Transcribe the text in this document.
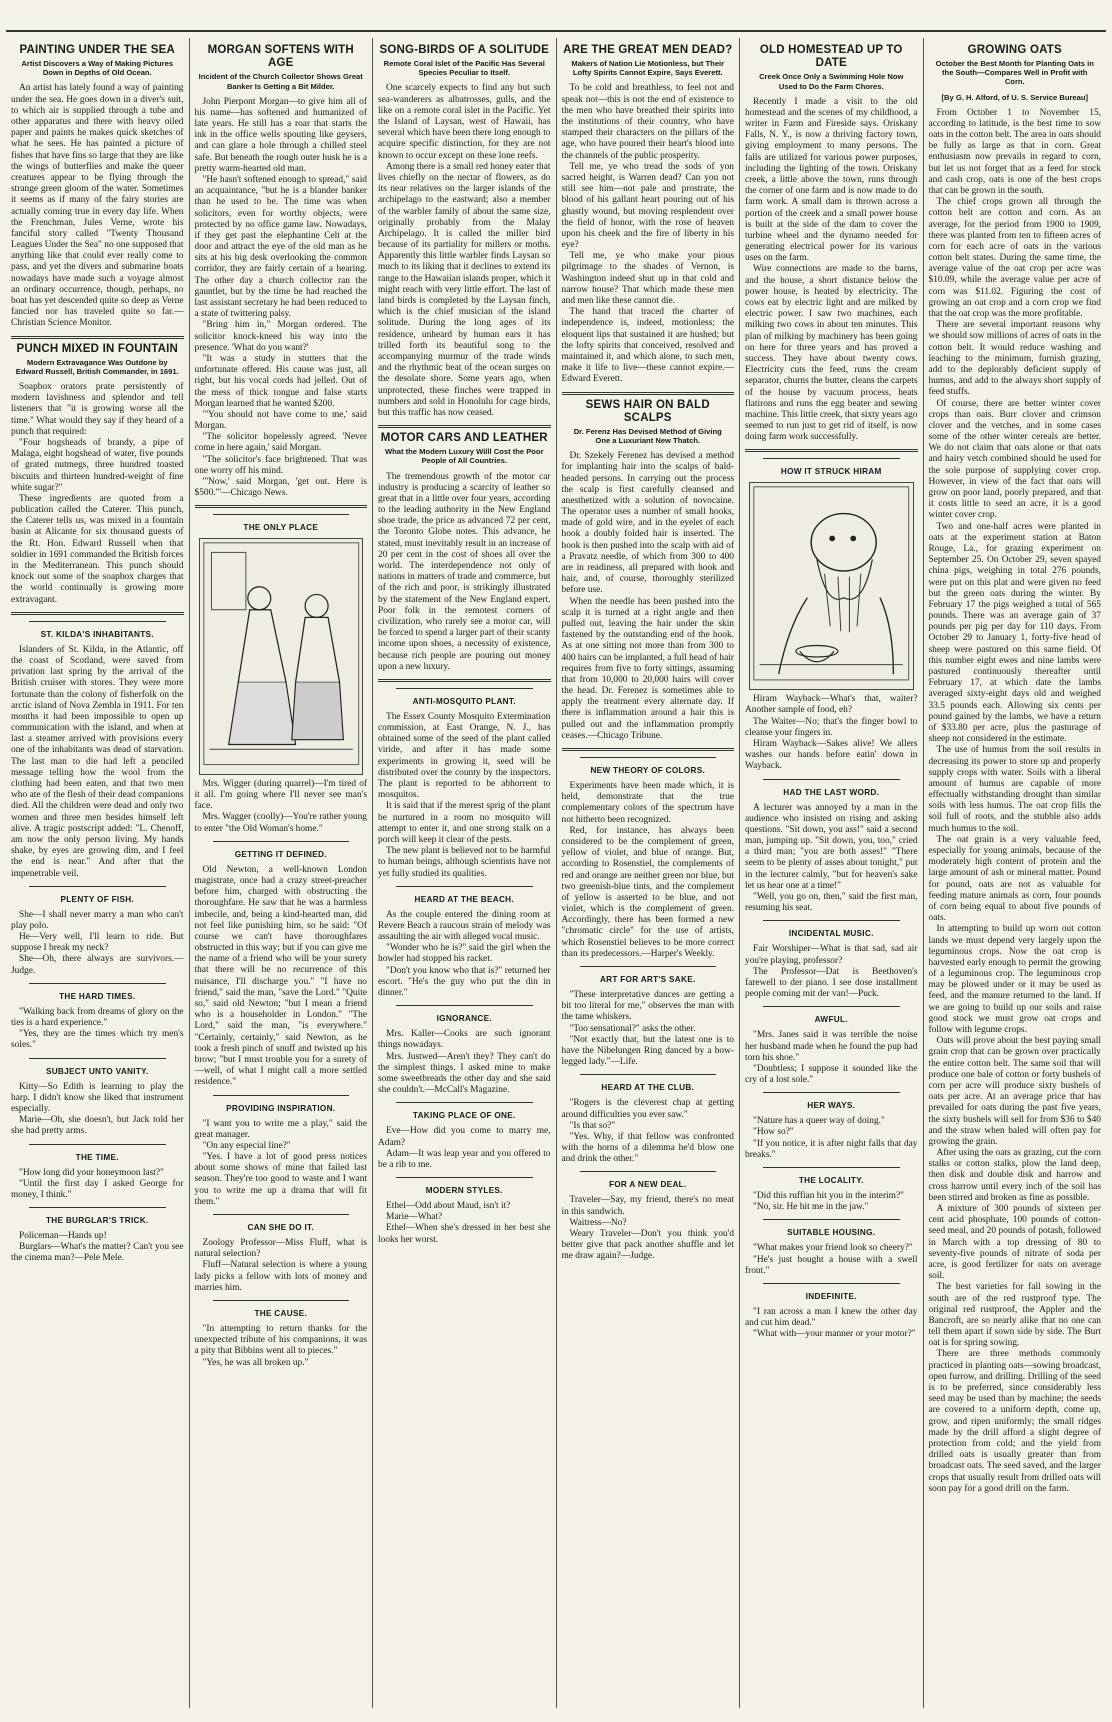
PAINTING UNDER THE SEA
Artist Discovers a Way of Making Pictures Down in Depths of Old Ocean.

An artist has lately found a way of painting under the sea. He goes down in a diver's suit, to which air is supplied through a tube and other apparatus and there with heavy oiled paper and paints he makes quick sketches of what he sees. He has painted a picture of fishes that have fins so large that they are like the wings of butterflies and make the queer creatures appear to be flying through the strange green gloom of the water. Sometimes it seems as if many of the fairy stories are actually coming true in every day life. When the Frenchman, Jules Verne, wrote his fanciful story called "Twenty Thousand Leagues Under the Sea" no one supposed that anything like that could ever really come to pass, and yet the divers and submarine boats nowadays have made such a voyage almost an ordinary occurrence, though, perhaps, no boat has yet descended quite so deep as Verne fancied nor has traveled quite so far.—Christian Science Monitor.

PUNCH MIXED IN FOUNTAIN
Modern Extravagance Was Outdone by Edward Russell, British Commander, in 1691.

Soapbox orators prate persistently of modern lavishness and splendor and tell listeners that "it is growing worse all the time." What would they say if they heard of a punch that required:

"Four hogsheads of brandy, a pipe of Malaga, eight hogshead of water, five pounds of grated nutmegs, three hundred toasted biscuits and thirteen hundred-weight of fine white sugar?"

These ingredients are quoted from a publication called the Caterer. This punch, the Caterer tells us, was mixed in a fountain basin at Alicante for six thousand guests of the Rt. Hon. Edward Russell when that soldier in 1691 commanded the British forces in the Mediterranean. This punch should knock out some of the soapbox charges that the world continually is growing more extravagant.

ST. KILDA'S INHABITANTS.

Islanders of St. Kilda, in the Atlantic, off the coast of Scotland, were saved from privation last spring by the arrival of the British cruiser with stores. They were more fortunate than the colony of fisherfolk on the arctic island of Nova Zembla in 1911. For ten months it had been impossible to open up communication with the island, and when at last a steamer arrived with provisions every one of the inhabitants was dead of starvation. The last man to die had left a penciled message telling how the wool from the clothing had been eaten, and that two men who ate of the flesh of their dead companions died. All the children were dead and only two women and three men besides himself left alive. A tragic postscript added: "L. Chenoff, am now the only person living. My hands shake, by eyes are growing dim, and I feel the end is near." And after that the impenetrable veil.

PLENTY OF FISH.

She—I shall never marry a man who can't play polo.

He—Very well, I'll learn to ride. But suppose I break my neck?

She—Oh, there always are survivors.—Judge.

THE HARD TIMES.

"Walking back from dreams of glory on the ties is a hard experience."

"Yes, they are the times which try men's soles."

SUBJECT UNTO VANITY.

Kitty—So Edith is learning to play the harp. I didn't know she liked that instrument especially.

Marie—Oh, she doesn't, but Jack told her she had pretty arms.

THE TIME.

"How long did your honeymoon last?"

"Until the first day I asked George for money, I think."

THE BURGLAR'S TRICK.

Policeman—Hands up!

Burglars—What's the matter? Can't you see the cinema man?—Pele Mele.

MORGAN SOFTENS WITH AGE
Incident of the Church Collector Shows Great Banker Is Getting a Bit Milder.

John Pierpont Morgan—to give him all of his name—has softened and humanized of late years. He still has a roar that starts the ink in the office wells spouting like geysers, and can glare a hole through a chilled steel safe. But beneath the rough outer husk he is a pretty warm-hearted old man.

"He hasn't softened enough to spread," said an acquaintance, "but he is a blander banker than he used to be. The time was when solicitors, even for worthy objects, were protected by no office game law. Nowadays, if they get past the elephantine Celt at the door and attract the eye of the old man as he sits at his big desk overlooking the common corridor, they are fairly certain of a hearing. The other day a church collector ran the gauntlet, but by the time he had reached the last assistant secretary he had been reduced to a state of twittering palsy.

"Bring him in," Morgan ordered. The solicitor knock-kneed his way into the presence. 'What do you want?'

"It was a study in stutters that the unfortunate offered. His cause was just, all right, but his vocal cords had jelled. Out of the mess of thick tongue and false starts Morgan learned that he wanted $200.

"'You should not have come to me,' said Morgan.

"The solicitor hopelessly agreed. 'Never come in here again,' said Morgan.

"The solicitor's face brightened. That was one worry off his mind.

"'Now,' said Morgan, 'get out. Here is $500.'"—Chicago News.

THE ONLY PLACE

Mrs. Wigger (during quarrel)—I'm tired of it all. I'm going where I'll never see man's face.

Mrs. Wagger (coolly)—You're rather young to enter "the Old Woman's home."

GETTING IT DEFINED.

Old Newton, a well-known London magistrate, once had a crazy street-preacher before him, charged with obstructing the thoroughfare. He saw that he was a harmless imbecile, and, being a kind-hearted man, did not feel like punishing him, so he said: "Of course we can't have thoroughfares obstructed in this way; but if you can give me the name of a friend who will be your surety that there will be no recurrence of this nuisance, I'll discharge you." "I have no friend," said the man, "save the Lord." "Quite so," said old Newton; "but I mean a friend who is a householder in London." "The Lord," said the man, "is everywhere." "Certainly, certainly," said Newton, as he took a fresh pinch of snuff and twisted up his brow; "but I must trouble you for a surety of—well, of what I might call a more settled residence."

PROVIDING INSPIRATION.

"I want you to write me a play," said the great manager.

"On any especial line?"

"Yes. I have a lot of good press notices about some shows of mine that failed last season. They're too good to waste and I want you to write me up a drama that will fit them."

CAN SHE DO IT.

Zoology Professor—Miss Fluff, what is natural selection?

Fluff—Natural selection is where a young lady picks a fellow with lots of money and marries him.

THE CAUSE.

"In attempting to return thanks for the unexpected tribute of his companions, it was a pity that Bibbins went all to pieces."

"Yes, he was all broken up."

SONG-BIRDS OF A SOLITUDE
Remote Coral Islet of the Pacific Has Several Species Peculiar to Itself.

One scarcely expects to find any but such sea-wanderers as albatrosses, gulls, and the like on a remote coral islet in the Pacific. Yet the Island of Laysan, west of Hawaii, has several which have been there long enough to acquire specific distinction, for they are not known to occur except on these lone reefs.

Among there is a small red honey eater that lives chiefly on the nectar of flowers, as do its near relatives on the larger islands of the archipelago to the eastward; also a member of the warbler family of about the same size, originally probably from the Malay Archipelago. It is called the miller bird because of its partiality for millers or moths. Apparently this little warbler finds Laysan so much to its liking that it declines to extend its range to the Hawaiian islands proper, which it might reach with very little effort. The last of land birds is completed by the Laysan finch, which is the chief musician of the island solitude. During the long ages of its residence, unheard by human ears it has trilled forth its beautiful song to the accompanying murmur of the trade winds and the rhythmic beat of the ocean surges on the desolate shore. Some years ago, when unprotected, these finches were trapped in numbers and sold in Honolulu for cage birds, but this traffic has now ceased.

MOTOR CARS AND LEATHER
What the Modern Luxury Willl Cost the Poor People of All Countries.

The tremendous growth of the motor car industry is producing a scarcity of leather so great that in a little over four years, according to the leading authority in the New England shoe trade, the price as advanced 72 per cent, the Toronto Globe notes. This advance, he stated, must inevitably result in an increase of 20 per cent in the cost of shoes all over the world. The interdependence not only of nations in matters of trade and commerce, but of the rich and poor, is strikingly illustrated by the statement of the New England expert. Poor folk in the remotest corners of civilization, who rarely see a motor car, will be forced to spend a larger part of their scanty income upon shoes, a necessity of existence, because rich people are pouring out money upon a new luxury.

ANTI-MOSQUITO PLANT.

The Essex County Mosquito Extermination commission, at East Orange, N. J., has obtained some of the seed of the plant called viride, and after it has made some experiments in growing it, seed will be distributed over the county by the inspectors. The plant is reported to be abhorrent to mosquitos.

It is said that if the merest sprig of the plant be nurtured in a room no mosquito will attempt to enter it, and one strong stalk on a porch will keep it clear of the pests.

The new plant is believed not to be harmful to human beings, although scientists have not yet fully studied its qualities.

HEARD AT THE BEACH.

As the couple entered the dining room at Revere Beach a raucous strain of melody was assaulting the air with alleged vocal music.

"Wonder who he is?" said the girl when the howler had stopped his racket.

"Don't you know who that is?" returned her escort. "He's the guy who put the din in dinner."

IGNORANCE.

Mrs. Kaller—Cooks are such ignorant things nowadays.

Mrs. Justwed—Aren't they? They can't do the simplest things. I asked mine to make some sweetbreads the other day and she said she couldn't.—McCall's Magazine.

TAKING PLACE OF ONE.

Eve—How did you come to marry me, Adam?

Adam—It was leap year and you offered to be a rib to me.

MODERN STYLES.

Ethel—Odd about Maud, isn't it?

Marie—What?

Ethel—When she's dressed in her best she looks her worst.

ARE THE GREAT MEN DEAD?
Makers of Nation Lie Motionless, but Their Lofty Spirits Cannot Expire, Says Everett.

To be cold and breathless, to feel not and speak not—this is not the end of existence to the men who have breathed their spirits into the institutions of their country, who have stamped their characters on the pillars of the age, who have poured their heart's blood into the channels of the public prosperity.

Tell me, ye who tread the sods of yon sacred height, is Warren dead? Can you not still see him—not pale and prostrate, the blood of his gallant heart pouring out of his ghastly wound, but moving resplendent over the field of honor, with the rose of heaven upon his cheek and the fire of liberty in his eye?

Tell me, ye who make your pious pilgrimage to the shades of Vernon, is Washington indeed shut up in that cold and narrow house? That which made these men and men like these cannot die.

The hand that traced the charter of independence is, indeed, motionless; the eloquent lips that sustained it are hushed; but the lofty spirits that conceived, resolved and maintained it, and which alone, to such men, make it life to live—these cannot expire.—Edward Everett.

SEWS HAIR ON BALD SCALPS
Dr. Ferenz Has Devised Method of Giving One a Luxuriant New Thatch.

Dr. Szekely Ferenez has devised a method for implanting hair into the scalps of bald-headed persons. In carrying out the process the scalp is first carefully cleansed and anesthetized with a solution of novocaine. The operator uses a number of small hooks, made of gold wire, and in the eyelet of each hook a doubly folded hair is inserted. The hook is then pushed into the scalp with aid of a Pravatz needle, of which from 300 to 400 are in readiness, all prepared with hook and hair, and, of course, thoroughly sterilized before use.

When the needle has been pushed into the scalp it is turned at a right angle and then pulled out, leaving the hair under the skin fastened by the outstanding end of the hook. As at one sitting not more than from 300 to 400 hairs can be implanted, a full head of hair requires from five to forty sittings, assuming that from 10,000 to 20,000 hairs will cover the head. Dr. Ferenez is sometimes able to apply the treatment every alternate day. If there is inflammation around a hair this is pulled out and the inflammation promptly ceases.—Chicago Tribune.

NEW THEORY OF COLORS.

Experiments have been made which, it is held, demonstrate that the true complementary colors of the spectrum have not hitherto been recognized.

Red, for instance, has always been considered to be the complement of green, yellow of violet, and blue of orange. But, according to Rosenstiel, the complements of red and orange are neither green nor blue, but two greenish-blue tints, and the complement of yellow is asserted to be blue, and not violet, which is the complement of green. Accordingly, there has been formed a new "chromatic circle" for the use of artists, which Rosenstiel believes to be more correct than its predecessors.—Harper's Weekly.

ART FOR ART'S SAKE.

"These interpretative dances are getting a bit too literal for me," observes the man with the tame whiskers.

"Too sensational?" asks the other.

"Not exactly that, but the latest one is to have the Nibelungen Ring danced by a bow-legged lady."—Life.

HEARD AT THE CLUB.

"Rogers is the cleverest chap at getting around difficulties you ever saw."

"Is that so?"

"Yes. Why, if that fellow was confronted with the horns of a dilemma he'd blow one and drink the other."

FOR A NEW DEAL.

Traveler—Say, my friend, there's no meat in this sandwich.

Waitress—No?

Weary Traveler—Don't you think you'd better give that pack another shuffle and let me draw again?—Judge.

OLD HOMESTEAD UP TO DATE
Creek Once Only a Swimming Hole Now Used to Do the Farm Chores.

Recently I made a visit to the old homestead and the scenes of my childhood, a writer in Farm and Fireside says. Oriskany Falls, N. Y., is now a thriving factory town, giving employment to many persons. The falls are utilized for various power purposes, including the lighting of the town. Oriskany creek, a little above the town, runs through the corner of one farm and is now made to do farm work. A small dam is thrown across a portion of the creek and a small power house is built at the side of the dam to cover the turbine wheel and the dynamo needed for generating electrical power for its various uses on the farm.

Wire connections are made to the barns, and the house, a short distance below the power house, is heated by electricity. The cows eat by electric light and are milked by electric power. I saw two machines, each milking two cows in about ten minutes. This plan of milking by machinery has been going on here for three years and has proved a success. They have about twenty cows. Electricity cuts the feed, runs the cream separator, churns the butter, cleans the carpets of the house by vacuum process, heats flatirons and runs the egg beater and sewing machine. This little creek, that sixty years ago seemed to run just to get rid of itself, is now doing farm work successfully.

HOW IT STRUCK HIRAM

Hiram Wayback—What's that, waiter? Another sample of food, eh?

The Waiter—No; that's the finger bowl to cleanse your fingers in.

Hiram Wayback—Sakes alive! We allers washes our hands before eatin' down in Wayback.

HAD THE LAST WORD.

A lecturer was annoyed by a man in the audience who insisted on rising and asking questions. "Sit down, you ass!" said a second man, jumping up. "Sit down, you, too," cried a third man; "you are both asses!" "There seem to be plenty of asses about tonight," put in the lecturer calmly, "but for heaven's sake let us hear one at a time!"

"Well, you go on, then," said the first man, resuming his seat.

INCIDENTAL MUSIC.

Fair Worshiper—What is that sad, sad air you're playing, professor?

The Professor—Dat is Beethoven's farewell to der piano. I see dose installment people coming mit der van!—Puck.

AWFUL.

"Mrs. Janes said it was terrible the noise her husband made when he found the pup had torn his shoe."

"Doubtless; I suppose it sounded like the cry of a lost sole."

HER WAYS.

"Nature has a queer way of doing."

"How so?"

"If you notice, it is after night falls that day breaks."

THE LOCALITY.

"Did this ruffian hit you in the interim?"

"No, sir. He hit me in the jaw."

SUITABLE HOUSING.

"What makes your friend look so cheery?"

"He's just bought a house with a swell front."

INDEFINITE.

"I ran across a man I knew the other day and cut him dead."

"What with—your manner or your motor?"

GROWING OATS
October the Best Month for Planting Oats in the South—Compares Well in Profit with Corn.
[By G. H. Alford, of U. S. Service Bureau]

From October 1 to November 15, according to latitude, is the best time to sow oats in the cotton belt. The area in oats should be fully as large as that in corn. Great enthusiasm now prevails in regard to corn, but let us not forget that as a feed for stock and cash crop, oats is one of the best crops that can be grown in the south.

The chief crops grown all through the cotton belt are cotton and corn. As an average, for the period from 1900 to 1909, there was planted from ten to fifteen acres of corn for each acre of oats in the various cotton belt states. During the same time, the average value of the oat crop per acre was $10.09, while the average value per acre of corn was $11.02. Figuring the cost of growing an oat crop and a corn crop we find that the oat crop was the more profitable.

There are several important reasons why we should sow millions of acres of oats in the cotton belt. It would reduce washing and leaching to the minimum, furnish grazing, add to the deplorably deficient supply of humus, and add to the always short supply of feed stuffs.

Of course, there are better winter cover crops than oats. Burr clover and crimson clover and the vetches, and in some cases some of the other winter cereals are better. We do not claim that oats alone or that oats and hairy vetch combined should be used for the sole purpose of supplying cover crop. However, in view of the fact that oats will grow on poor land, poorly prepared, and that it costs little to seed an acre, it is a good winter cover crop.

Two and one-half acres were planted in oats at the experiment station at Baton Rouge, La., for grazing experiment on September 25. On October 29, seven spayed china pigs, weighing in total 276 pounds, were put on this plat and were given no feed but the green oats during the winter. By February 17 the pigs weighed a total of 565 pounds. There was an average gain of 37 pounds per pig per day for 110 days. From October 29 to January 1, forty-five head of sheep were pastured on this same field. Of this number eight ewes and nine lambs were pastured continuously thereafter until February 17, at which date the lambs averaged sixty-eight days old and weighed 33.5 pounds each. Allowing six cents per pound gained by the lambs, we have a return of $33.80 per acre, plus the pasturage of sheep not considered in the estimate.

The use of humus from the soil results in decreasing its power to store up and properly supply crops with water. Soils with a liberal amount of humus are capable of more effectually withstanding drought than similar soils with less humus. The oat crop fills the soil full of roots, and the stubble also adds much humus to the soil.

The oat grain is a very valuable feed, especially for young animals, because of the moderately high content of protein and the large amount of ash or mineral matter. Pound for pound, oats are not as valuable for feeding mature animals as corn, four pounds of corn being equal to about five pounds of oats.

In attempting to build up worn out cotton lands we must depend very largely upon the leguminous crops. Now the oat crop is harvested early enough to permit the growing of a leguminous crop. The leguminous crop may be plowed under or it may be used as feed, and the manure returned to the land. If we are going to build up our soils and raise good stock we must grow oat crops and follow with legume crops.

Oats will prove about the best paying small grain crop that can be grown over practically the entire cotton belt. The same soil that will produce one bale of cotton or forty bushels of corn per acre will produce sixty bushels of oats per acre. At an average price that has prevailed for oats during the past five years, the sixty bushels will sell for from $36 to $40 and the straw when baled will often pay for growing the grain.

After using the oats as grazing, cut the corn stalks or cotton stalks, plow the land deep, then disk and double disk and harrow and cross harrow until every inch of the soil has been stirred and broken as fine as possible.

A mixture of 300 pounds of sixteen per cent acid phosphate, 100 pounds of cotton-seed meal, and 20 pounds of potash, followed in March with a top dressing of 80 to seventy-five pounds of nitrate of soda per acre, is good fertilizer for oats on average soil.

The best varieties for fall sowing in the south are of the red rustproof type. The original red rustproof, the Appler and the Bancroft, are so nearly alike that no one can tell them apart if sown side by side. The Burt oat is for spring sowing.

There are three methods commonly practiced in planting oats—sowing broadcast, open furrow, and drilling. Drilling of the seed is to be preferred, since considerably less seed may be used than by machine; the seeds are covered to a uniform depth, come up, grow, and ripen uniformly; the small ridges made by the drill afford a slight degree of protection from cold; and the yield from drilled oats is usually greater than from broadcast oats. The seed saved, and the larger crops that usually result from drilled oats will soon pay for a good drill on the farm.
